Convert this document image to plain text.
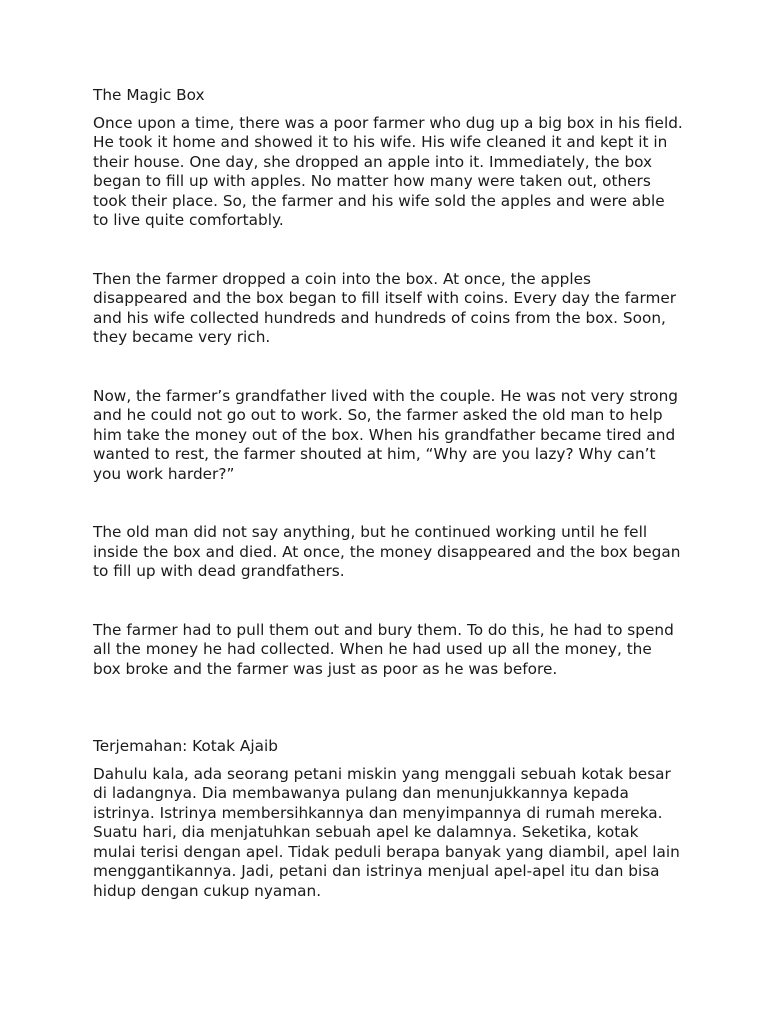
The Magic Box

Once upon a time, there was a poor farmer who dug up a big box in his field. He took it home and showed it to his wife. His wife cleaned it and kept it in their house. One day, she dropped an apple into it. Immediately, the box began to fill up with apples. No matter how many were taken out, others took their place. So, the farmer and his wife sold the apples and were able to live quite comfortably.

Then the farmer dropped a coin into the box. At once, the apples disappeared and the box began to fill itself with coins. Every day the farmer and his wife collected hundreds and hundreds of coins from the box. Soon, they became very rich.

Now, the farmer’s grandfather lived with the couple. He was not very strong and he could not go out to work. So, the farmer asked the old man to help him take the money out of the box. When his grandfather became tired and wanted to rest, the farmer shouted at him, “Why are you lazy? Why can’t you work harder?”

The old man did not say anything, but he continued working until he fell inside the box and died. At once, the money disappeared and the box began to fill up with dead grandfathers.

The farmer had to pull them out and bury them. To do this, he had to spend all the money he had collected. When he had used up all the money, the box broke and the farmer was just as poor as he was before.

Terjemahan: Kotak Ajaib

Dahulu kala, ada seorang petani miskin yang menggali sebuah kotak besar di ladangnya. Dia membawanya pulang dan menunjukkannya kepada istrinya. Istrinya membersihkannya dan menyimpannya di rumah mereka. Suatu hari, dia menjatuhkan sebuah apel ke dalamnya. Seketika, kotak mulai terisi dengan apel. Tidak peduli berapa banyak yang diambil, apel lain menggantikannya. Jadi, petani dan istrinya menjual apel-apel itu dan bisa hidup dengan cukup nyaman.
